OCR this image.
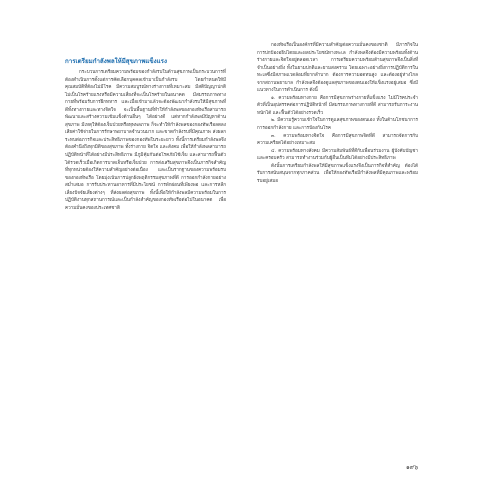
การเตรียมกำลังพลให้มีสุขภาพแข็งแรง

กระบวนการเตรียมความพร้อมของกำลังรบในด้านสุขภาพเป็นกระบวนการที่ต้องดำเนินการตั้งแต่การคัดเลือกบุคคลเข้ามาเป็นกำลังรบ โดยกำหนดให้มีคุณสมบัติที่ต้องไม่มีโรค มีความสมบูรณ์ทางร่างกายที่เหมาะสม มีสติปัญญาปกติ ไม่เป็นโรคร้ายแรงหรือมีความเสี่ยงที่จะเป็นโรคร้ายในอนาคต มีสมรรถภาพทางกายที่พร้อมรับการฝึกทหาร และเมื่อเข้ามาแล้วจะต้องพัฒนากำลังรบให้มีสุขภาพที่ดีทั้งทางกายและทางจิตใจ จะเป็นพื้นฐานที่ทำให้กำลังพลของกองทัพเรือสามารถพัฒนาและสร้างความเข้มแข็งด้านอื่นๆ ได้อย่างดี แต่หากกำลังพลมีปัญหาด้านสุขภาพ มีเหตุให้ต้องเจ็บป่วยหรือทุพพลภาพ ก็จะทำให้กำลังพลของกองทัพเรือลดลง เสียค่าใช้จ่ายในการรักษาพยาบาลจำนวนมาก และขาดกำลังรบที่มีคุณภาพ ส่งผลกระทบต่อภารกิจและประสิทธิภาพของกองทัพในระยะยาว ทั้งนี้การเตรียมกำลังพลจึงต้องคำนึงถึงทุกมิติของสุขภาพ ทั้งร่างกาย จิตใจ และสังคม เพื่อให้กำลังพลสามารถปฏิบัติหน้าที่ได้อย่างมีประสิทธิภาพ มีภูมิคุ้มกันต่อโรคภัยไข้เจ็บ และสามารถฟื้นตัวได้รวดเร็วเมื่อเกิดการบาดเจ็บหรือเจ็บป่วย การส่งเสริมสุขภาพจึงเป็นภารกิจสำคัญที่ทุกหน่วยต้องให้ความสำคัญอย่างต่อเนื่อง และเป็นรากฐานของความพร้อมรบของกองทัพเรือ โดยมุ่งเน้นการปลูกฝังพฤติกรรมสุขภาพที่ดี การออกกำลังกายอย่างสม่ำเสมอ การรับประทานอาหารที่มีประโยชน์ การพักผ่อนที่เพียงพอ และการหลีกเลี่ยงปัจจัยเสี่ยงต่างๆ ที่ส่งผลต่อสุขภาพ ทั้งนี้เพื่อให้กำลังพลมีความพร้อมในการปฏิบัติงานทุกสถานการณ์และเป็นกำลังสำคัญของกองทัพเรือต่อไปในอนาคต เพื่อความมั่นคงของประเทศชาติ

กองทัพเรือเป็นองค์กรที่มีความสำคัญต่อความมั่นคงของชาติ มีภารกิจในการปกป้องอธิปไตยและผลประโยชน์ทางทะเล กำลังพลจึงต้องมีความพร้อมทั้งด้านร่างกายและจิตใจอยู่ตลอดเวลา การเตรียมความพร้อมด้านสุขภาพจึงเป็นสิ่งที่จำเป็นอย่างยิ่ง ทั้งในยามปกติและยามสงคราม โดยเฉพาะอย่างยิ่งการปฏิบัติการในทะเลซึ่งมีสภาพแวดล้อมที่ยากลำบาก ต้องการความอดทนสูง และต้องอยู่ห่างไกลจากสถานพยาบาล กำลังพลจึงต้องดูแลสุขภาพของตนเองให้แข็งแรงอยู่เสมอ ซึ่งมีแนวทางในการดำเนินการ ดังนี้

๑. ความพร้อมทางกาย คือการมีสุขภาพร่างกายที่แข็งแรง ไม่มีโรคประจำตัวที่เป็นอุปสรรคต่อการปฏิบัติหน้าที่ มีสมรรถภาพทางกายที่ดี สามารถรับภาระงานหนักได้ และฟื้นตัวได้อย่างรวดเร็ว

๒. มีความรู้ความเข้าใจในการดูแลสุขภาพของตนเอง ทั้งในด้านโภชนาการ การออกกำลังกาย และการป้องกันโรค

๓. ความพร้อมทางจิตใจ คือการมีสุขภาพจิตที่ดี สามารถจัดการกับความเครียดได้อย่างเหมาะสม

๔. ความพร้อมทางสังคม มีความสัมพันธ์ที่ดีกับเพื่อนร่วมงาน ผู้บังคับบัญชา และครอบครัว สามารถทำงานร่วมกับผู้อื่นเป็นทีมได้อย่างมีประสิทธิภาพ

ดังนั้นการเตรียมกำลังพลให้มีสุขภาพแข็งแรงจึงเป็นภารกิจที่สำคัญ ต้องได้รับการสนับสนุนจากทุกภาคส่วน เพื่อให้กองทัพเรือมีกำลังพลที่มีคุณภาพและพร้อมรบอยู่เสมอ

๑๙๖
